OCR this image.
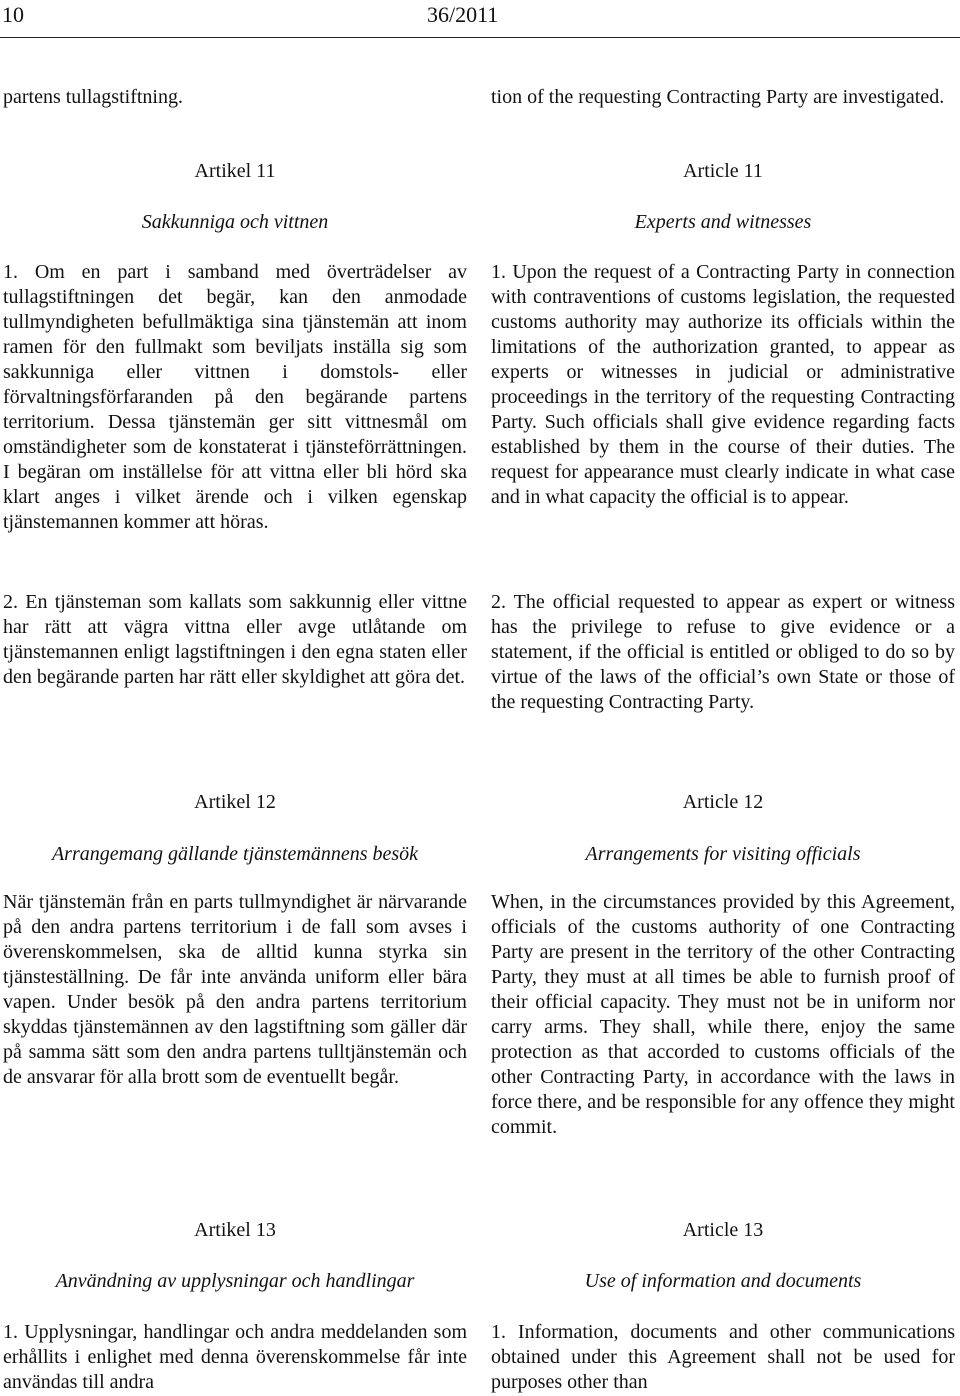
10	36/2011

partens tullagstiftning.

Artikel 11

Sakkunniga och vittnen

1. Om en part i samband med överträdelser av tullagstiftningen det begär, kan den anmodade tullmyndigheten befullmäktiga sina tjänstemän att inom ramen för den fullmakt som beviljats inställa sig som sakkunniga eller vittnen i domstols- eller förvaltningsförfaranden på den begärande partens territorium. Dessa tjänstemän ger sitt vittnesmål om omständigheter som de konstaterat i tjänsteförrättningen. I begäran om inställelse för att vittna eller bli hörd ska klart anges i vilket ärende och i vilken egenskap tjänstemannen kommer att höras.

2. En tjänsteman som kallats som sakkunnig eller vittne har rätt att vägra vittna eller avge utlåtande om tjänstemannen enligt lagstiftningen i den egna staten eller den begärande parten har rätt eller skyldighet att göra det.

Artikel 12

Arrangemang gällande tjänstemännens besök

När tjänstemän från en parts tullmyndighet är närvarande på den andra partens territorium i de fall som avses i överenskommelsen, ska de alltid kunna styrka sin tjänsteställning. De får inte använda uniform eller bära vapen. Under besök på den andra partens territorium skyddas tjänstemännen av den lagstiftning som gäller där på samma sätt som den andra partens tulltjänstemän och de ansvarar för alla brott som de eventuellt begår.

Artikel 13

Användning av upplysningar och handlingar

1. Upplysningar, handlingar och andra meddelanden som erhållits i enlighet med denna överenskommelse får inte användas till andra

tion of the requesting Contracting Party are investigated.

Article 11

Experts and witnesses

1. Upon the request of a Contracting Party in connection with contraventions of customs legislation, the requested customs authority may authorize its officials within the limitations of the authorization granted, to appear as experts or witnesses in judicial or administrative proceedings in the territory of the requesting Contracting Party. Such officials shall give evidence regarding facts established by them in the course of their duties. The request for appearance must clearly indicate in what case and in what capacity the official is to appear.

2. The official requested to appear as expert or witness has the privilege to refuse to give evidence or a statement, if the official is entitled or obliged to do so by virtue of the laws of the official’s own State or those of the requesting Contracting Party.

Article 12

Arrangements for visiting officials

When, in the circumstances provided by this Agreement, officials of the customs authority of one Contracting Party are present in the territory of the other Contracting Party, they must at all times be able to furnish proof of their official capacity. They must not be in uniform nor carry arms. They shall, while there, enjoy the same protection as that accorded to customs officials of the other Contracting Party, in accordance with the laws in force there, and be responsible for any offence they might commit.

Article 13

Use of information and documents

1. Information, documents and other communications obtained under this Agreement shall not be used for purposes other than
